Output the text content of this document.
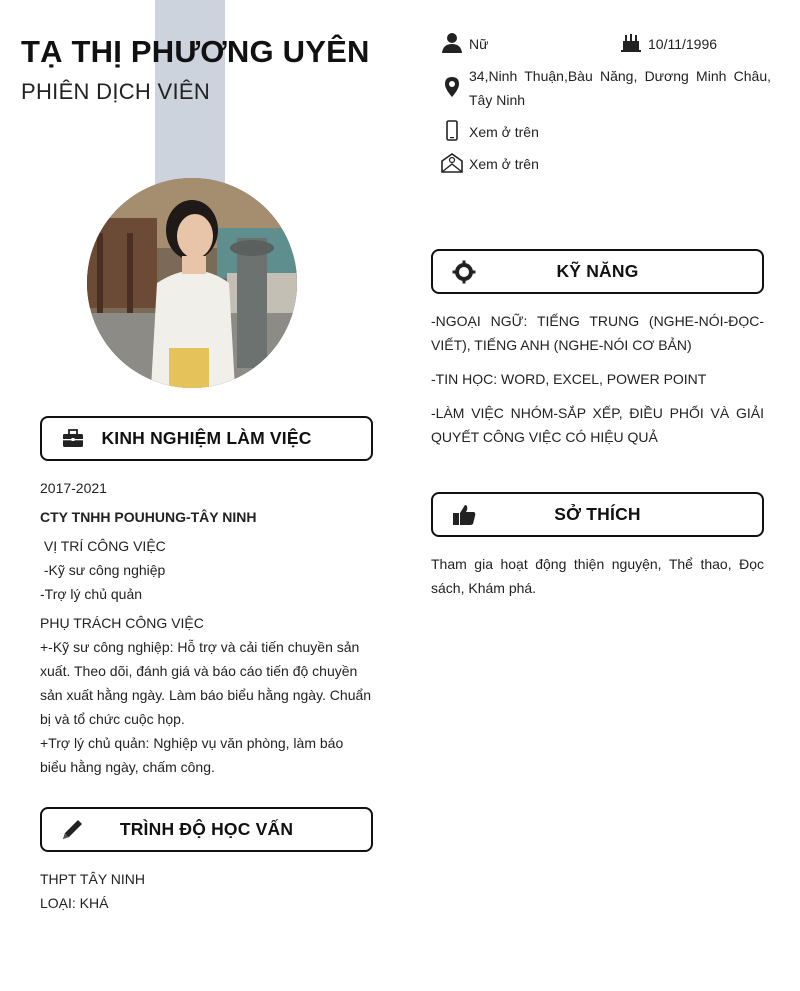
TẠ THỊ PHƯƠNG UYÊN
PHIÊN DỊCH VIÊN
Nữ	10/11/1996
34,Ninh Thuận,Bàu Năng, Dương Minh Châu, Tây Ninh
Xem ở trên
Xem ở trên
KINH NGHIỆM LÀM VIỆC
2017-2021
CTY TNHH POUHUNG-TÂY NINH
VỊ TRÍ CÔNG VIỆC
-Kỹ sư công nghiệp
-Trợ lý chủ quản
PHỤ TRÁCH CÔNG VIỆC
+-Kỹ sư công nghiệp: Hỗ trợ và cải tiến chuyền sản xuất. Theo dõi, đánh giá và báo cáo tiến độ chuyền sản xuất hằng ngày. Làm báo biểu hằng ngày. Chuẩn bị và tổ chức cuộc họp.
+Trợ lý chủ quản: Nghiệp vụ văn phòng, làm báo biểu hằng ngày, chấm công.
TRÌNH ĐỘ HỌC VẤN
THPT TÂY NINH
LOẠI: KHÁ
KỸ NĂNG
-NGOẠI NGỮ: TIẾNG TRUNG (NGHE-NÓI-ĐỌC-VIẾT), TIẾNG ANH (NGHE-NÓI CƠ BẢN)
-TIN HỌC: WORD, EXCEL, POWER POINT
-LÀM VIỆC NHÓM-SẮP XẾP, ĐIỀU PHỐI VÀ GIẢI QUYẾT CÔNG VIỆC CÓ HIỆU QUẢ
SỞ THÍCH
Tham gia hoạt động thiện nguyện, Thể thao, Đọc sách, Khám phá.
